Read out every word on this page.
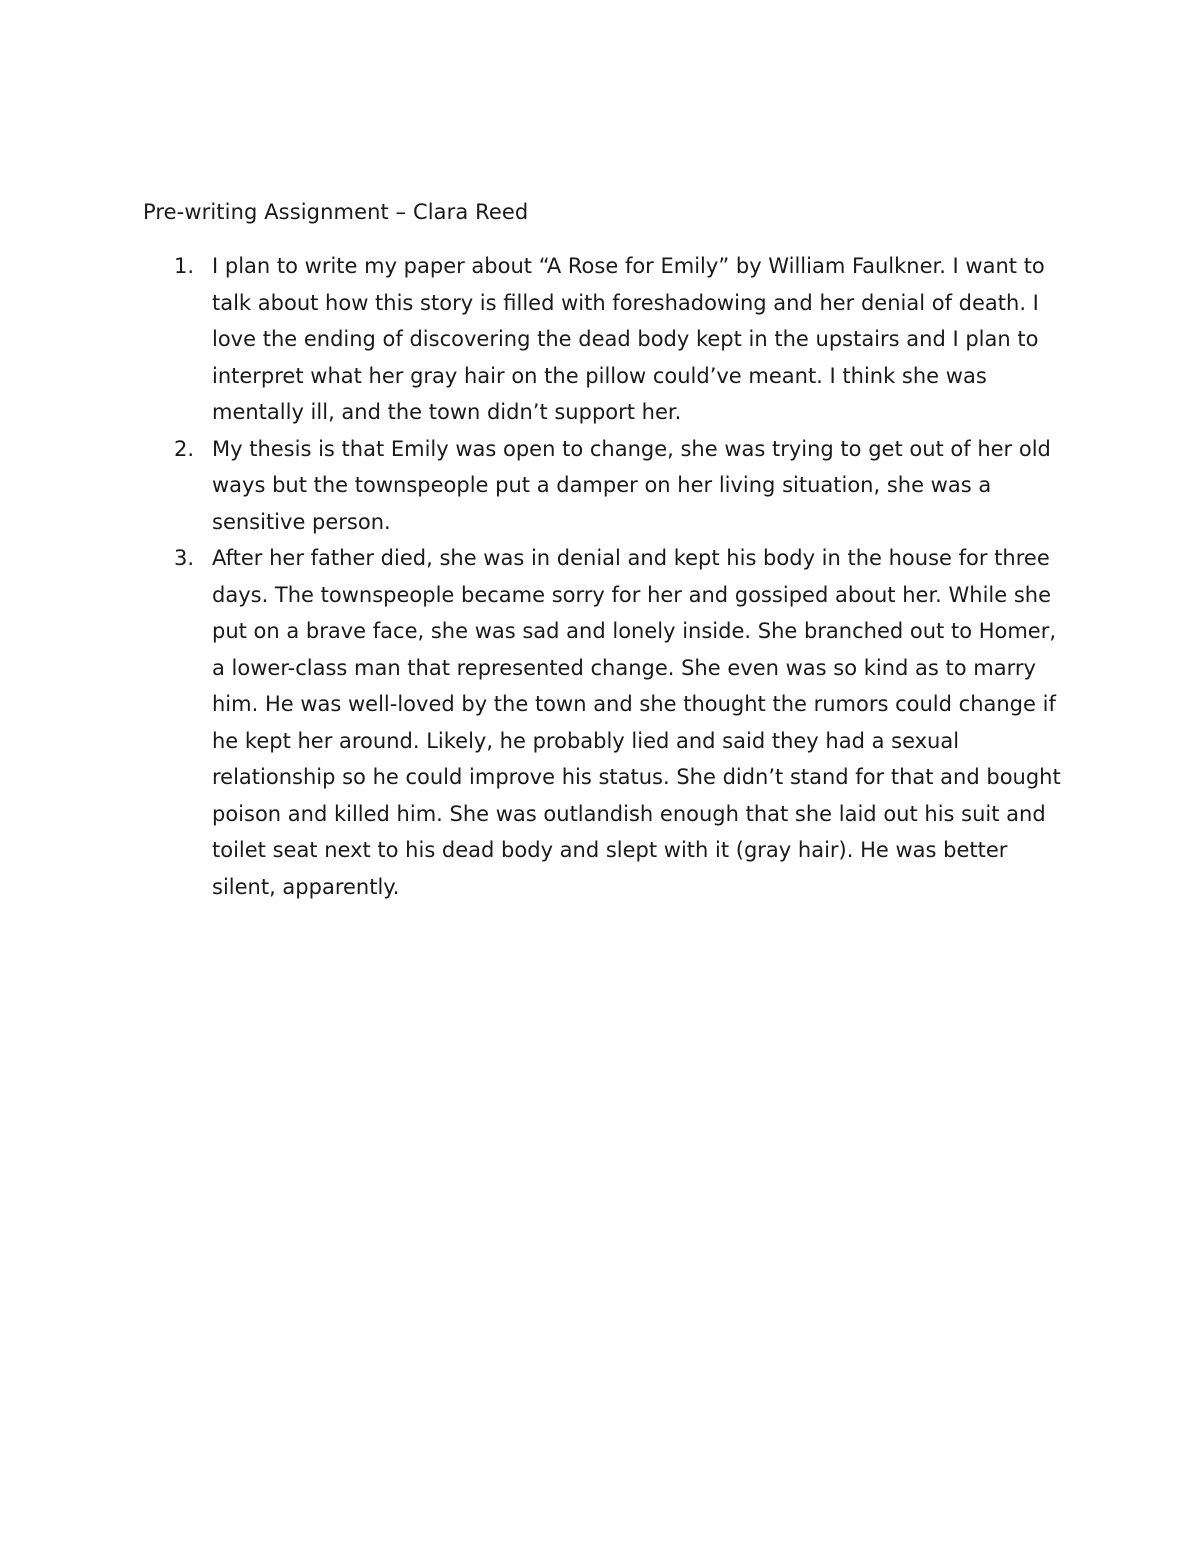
Pre-writing Assignment – Clara Reed
1. I plan to write my paper about “A Rose for Emily” by William Faulkner. I want to talk about how this story is filled with foreshadowing and her denial of death. I love the ending of discovering the dead body kept in the upstairs and I plan to interpret what her gray hair on the pillow could’ve meant. I think she was mentally ill, and the town didn’t support her.
2. My thesis is that Emily was open to change, she was trying to get out of her old ways but the townspeople put a damper on her living situation, she was a sensitive person.
3. After her father died, she was in denial and kept his body in the house for three days. The townspeople became sorry for her and gossiped about her. While she put on a brave face, she was sad and lonely inside. She branched out to Homer, a lower-class man that represented change. She even was so kind as to marry him. He was well-loved by the town and she thought the rumors could change if he kept her around. Likely, he probably lied and said they had a sexual relationship so he could improve his status. She didn’t stand for that and bought poison and killed him. She was outlandish enough that she laid out his suit and toilet seat next to his dead body and slept with it (gray hair). He was better silent, apparently.
